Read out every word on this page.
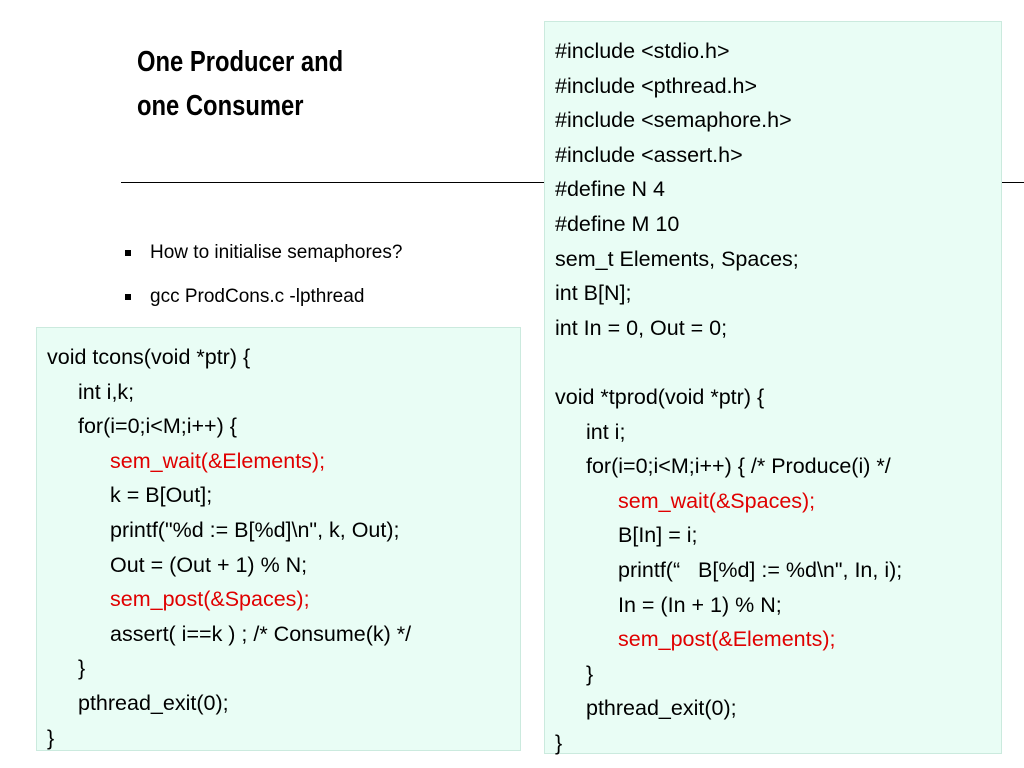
One Producer and
one Consumer
How to initialise semaphores?
gcc ProdCons.c -lpthread
void tcons(void *ptr) {
int i,k;
for(i=0;i<M;i++) {
sem_wait(&Elements);
k = B[Out];
printf("%d := B[%d]\n", k, Out);
Out = (Out + 1) % N;
sem_post(&Spaces);
assert( i==k ) ; /* Consume(k) */
}
pthread_exit(0);
}
#include <stdio.h>
#include <pthread.h>
#include <semaphore.h>
#include <assert.h>
#define N 4
#define M 10
sem_t Elements, Spaces;
int B[N];
int In = 0, Out = 0;
void *tprod(void *ptr) {
int i;
for(i=0;i<M;i++) { /* Produce(i) */
sem_wait(&Spaces);
B[In] = i;
printf(“   B[%d] := %d\n", In, i);
In = (In + 1) % N;
sem_post(&Elements);
}
pthread_exit(0);
}
